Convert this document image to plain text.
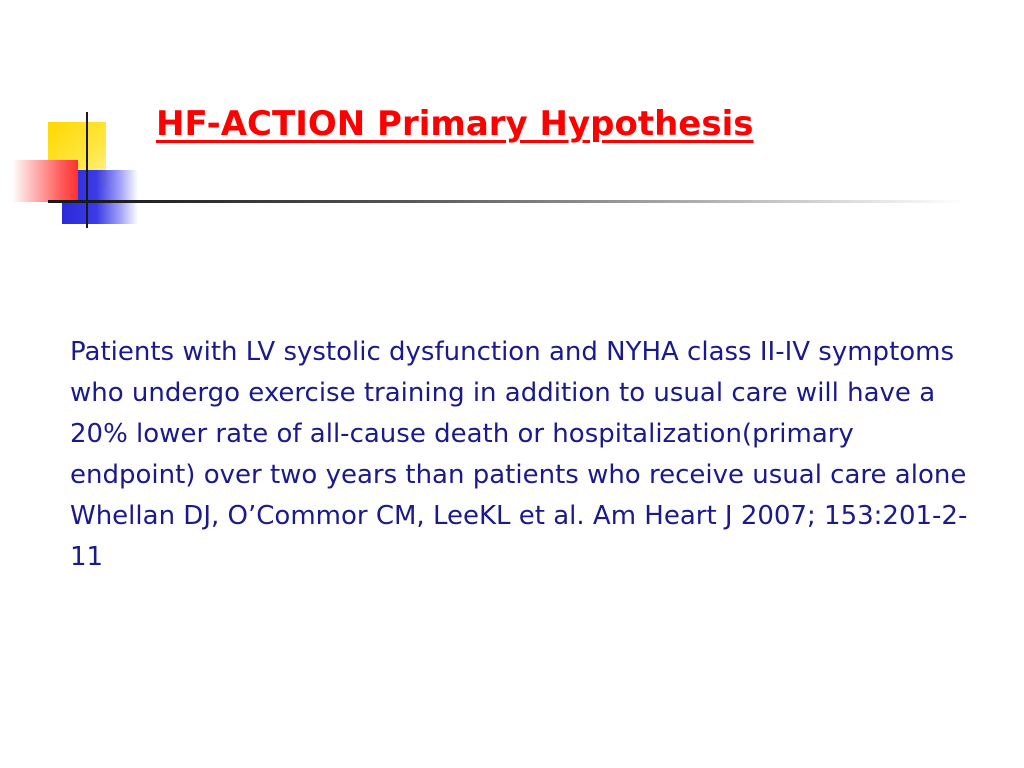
HF-ACTION Primary Hypothesis

Patients with LV systolic dysfunction and NYHA class II-IV symptoms who undergo exercise training in addition to usual care will have a 20% lower rate of all-cause death or hospitalization(primary endpoint) over two years than patients who receive usual care alone

Whellan DJ, O’Commor CM, LeeKL et al. Am Heart J 2007; 153:201-2-11
